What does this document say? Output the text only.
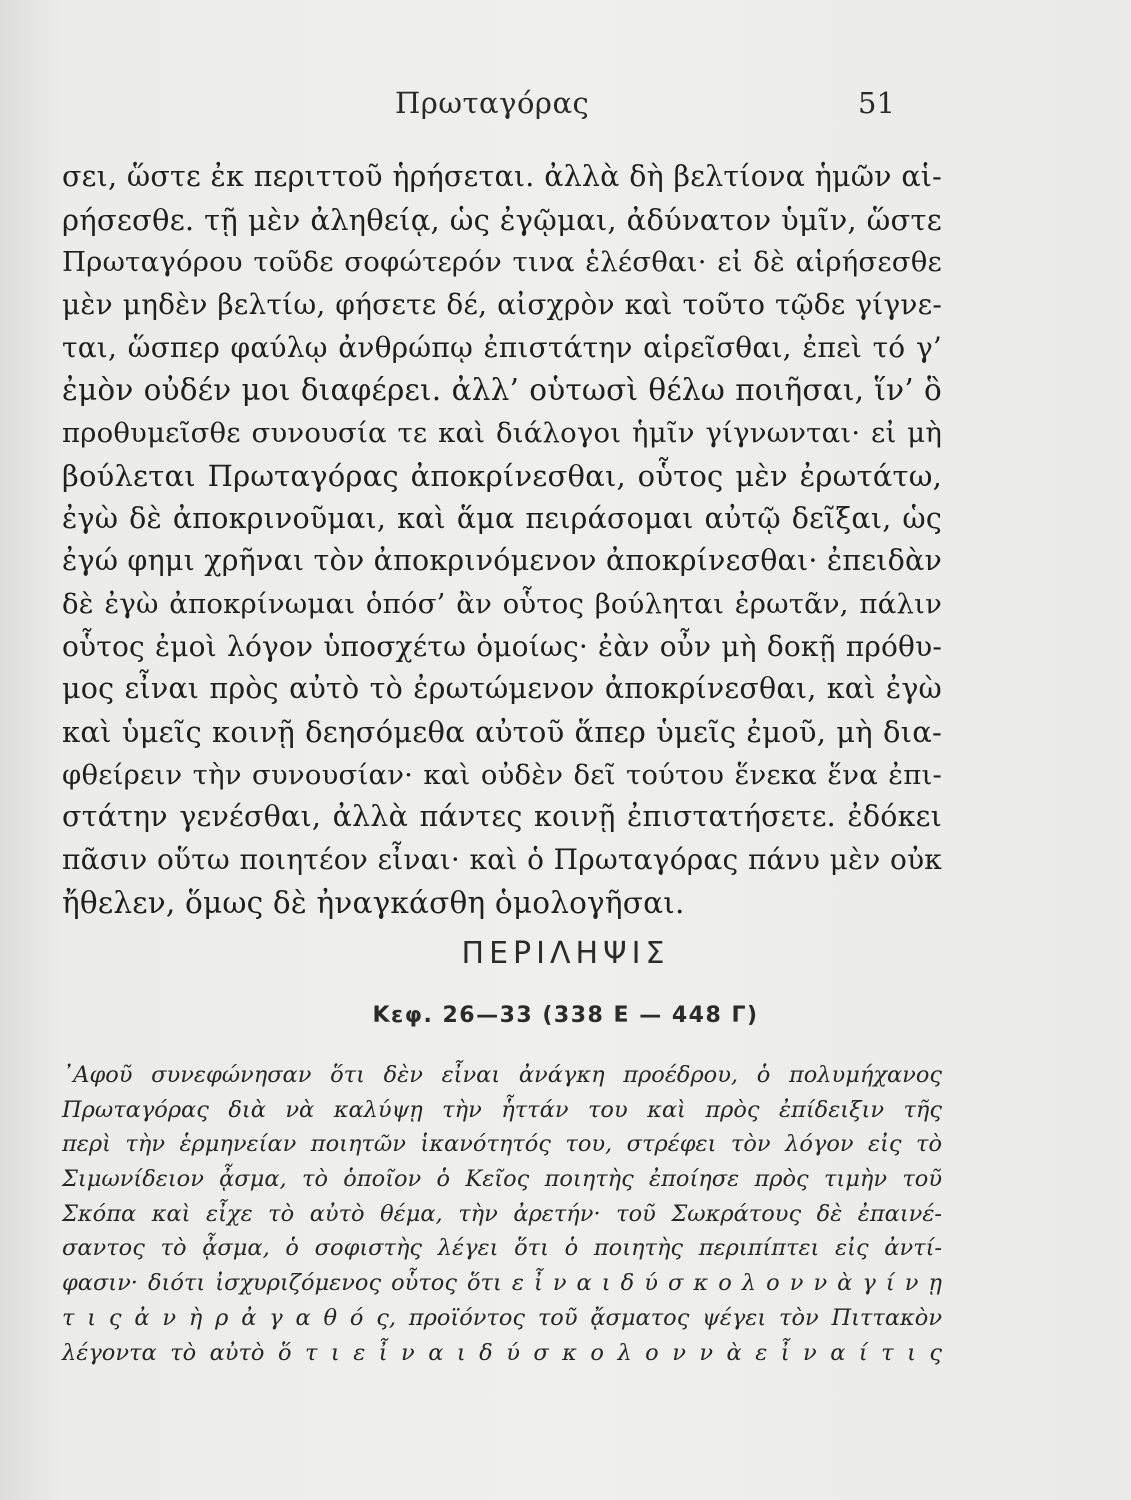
Πρωταγόρας	51
σει, ὥστε ἐκ περιττοῦ ἡρήσεται. ἀλλὰ δὴ βελτίονα ἡμῶν αἱ-
ρήσεσθε. τῇ μὲν ἀληθείᾳ, ὡς ἐγῷμαι, ἀδύνατον ὑμῖν, ὥστε
Πρωταγόρου τοῦδε σοφώτερόν τινα ἑλέσθαι· εἰ δὲ αἱρήσεσθε
μὲν μηδὲν βελτίω, φήσετε δέ, αἰσχρὸν καὶ τοῦτο τῷδε γίγνε-
ται, ὥσπερ φαύλῳ ἀνθρώπῳ ἐπιστάτην αἱρεῖσθαι, ἐπεὶ τό γ’
ἐμὸν οὐδέν μοι διαφέρει. ἀλλ’ οὑτωσὶ θέλω ποιῆσαι, ἵν’ ὃ
προθυμεῖσθε συνουσία τε καὶ διάλογοι ἡμῖν γίγνωνται· εἰ μὴ
βούλεται Πρωταγόρας ἀποκρίνεσθαι, οὗτος μὲν ἐρωτάτω,
ἐγὼ δὲ ἀποκρινοῦμαι, καὶ ἅμα πειράσομαι αὐτῷ δεῖξαι, ὡς
ἐγώ φημι χρῆναι τὸν ἀποκρινόμενον ἀποκρίνεσθαι· ἐπειδὰν
δὲ ἐγὼ ἀποκρίνωμαι ὁπόσ’ ἂν οὗτος βούληται ἐρωτᾶν, πάλιν
οὗτος ἐμοὶ λόγον ὑποσχέτω ὁμοίως· ἐὰν οὖν μὴ δοκῇ πρόθυ-
μος εἶναι πρὸς αὐτὸ τὸ ἐρωτώμενον ἀποκρίνεσθαι, καὶ ἐγὼ
καὶ ὑμεῖς κοινῇ δεησόμεθα αὐτοῦ ἅπερ ὑμεῖς ἐμοῦ, μὴ δια-
φθείρειν τὴν συνουσίαν· καὶ οὐδὲν δεῖ τούτου ἕνεκα ἕνα ἐπι-
στάτην γενέσθαι, ἀλλὰ πάντες κοινῇ ἐπιστατήσετε. ἐδόκει
πᾶσιν οὕτω ποιητέον εἶναι· καὶ ὁ Πρωταγόρας πάνυ μὲν οὐκ
ἤθελεν, ὅμως δὲ ἠναγκάσθη ὁμολογῆσαι.
ΠΕΡΙΛΗΨΙΣ
Κεφ. 26—33 (338 Ε — 448 Γ)
᾿Αφοῦ συνεφώνησαν ὅτι δὲν εἶναι ἀνάγκη προέδρου, ὁ πολυμήχανος
Πρωταγόρας διὰ νὰ καλύψῃ τὴν ἧττάν του καὶ πρὸς ἐπίδειξιν τῆς
περὶ τὴν ἑρμηνείαν ποιητῶν ἱκανότητός του, στρέφει τὸν λόγον εἰς τὸ
Σιμωνίδειον ᾆσμα, τὸ ὁποῖον ὁ Κεῖος ποιητὴς ἐποίησε πρὸς τιμὴν τοῦ
Σκόπα καὶ εἶχε τὸ αὐτὸ θέμα, τὴν ἀρετήν· τοῦ Σωκράτους δὲ ἐπαινέ-
σαντος τὸ ᾆσμα, ὁ σοφιστὴς λέγει ὅτι ὁ ποιητὴς περιπίπτει εἰς ἀντί-
φασιν· διότι ἰσχυριζόμενος οὗτος ὅτι ε ἶ ν α ι δ ύ σ κ ο λ ο ν ν ὰ γ ί ν ῃ
τ ι ς ἀ ν ὴ ρ ἀ γ α θ ό ς, προϊόντος τοῦ ᾄσματος ψέγει τὸν Πιττακὸν
λέγοντα τὸ αὐτὸ ὅ τ ι ε ἶ ν α ι δ ύ σ κ ο λ ο ν ν ὰ ε ἶ ν α ί τ ι ς
